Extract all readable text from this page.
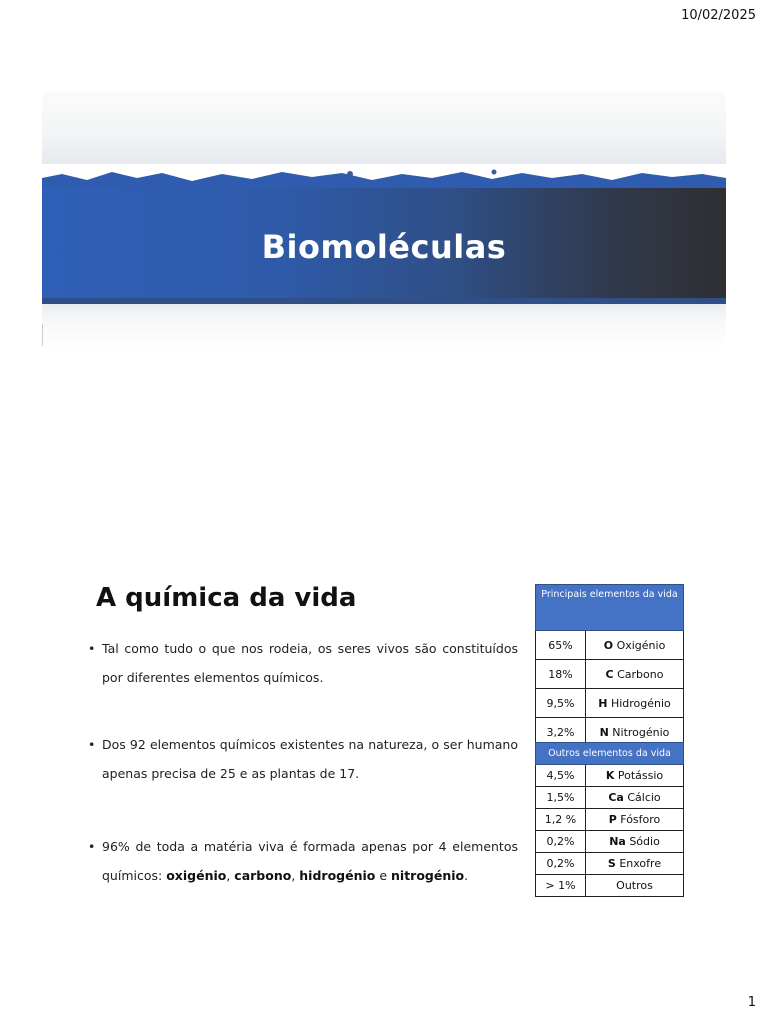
10/02/2025
Biomoléculas
A química da vida
• Tal como tudo o que nos rodeia, os seres vivos são constituídos por diferentes elementos químicos.
• Dos 92 elementos químicos existentes na natureza, o ser humano apenas precisa de 25 e as plantas de 17.
• 96% de toda a matéria viva é formada apenas por 4 elementos químicos: oxigénio, carbono, hidrogénio e nitrogénio.
Principais elementos da vida	
65%	O Oxigénio
18%	C Carbono
9,5%	H Hidrogénio
3,2%	N Nitrogénio
Outros elementos da vida	
4,5%	K Potássio
1,5%	Ca Cálcio
1,2 %	P Fósforo
0,2%	Na Sódio
0,2%	S Enxofre
> 1%	Outros
1
